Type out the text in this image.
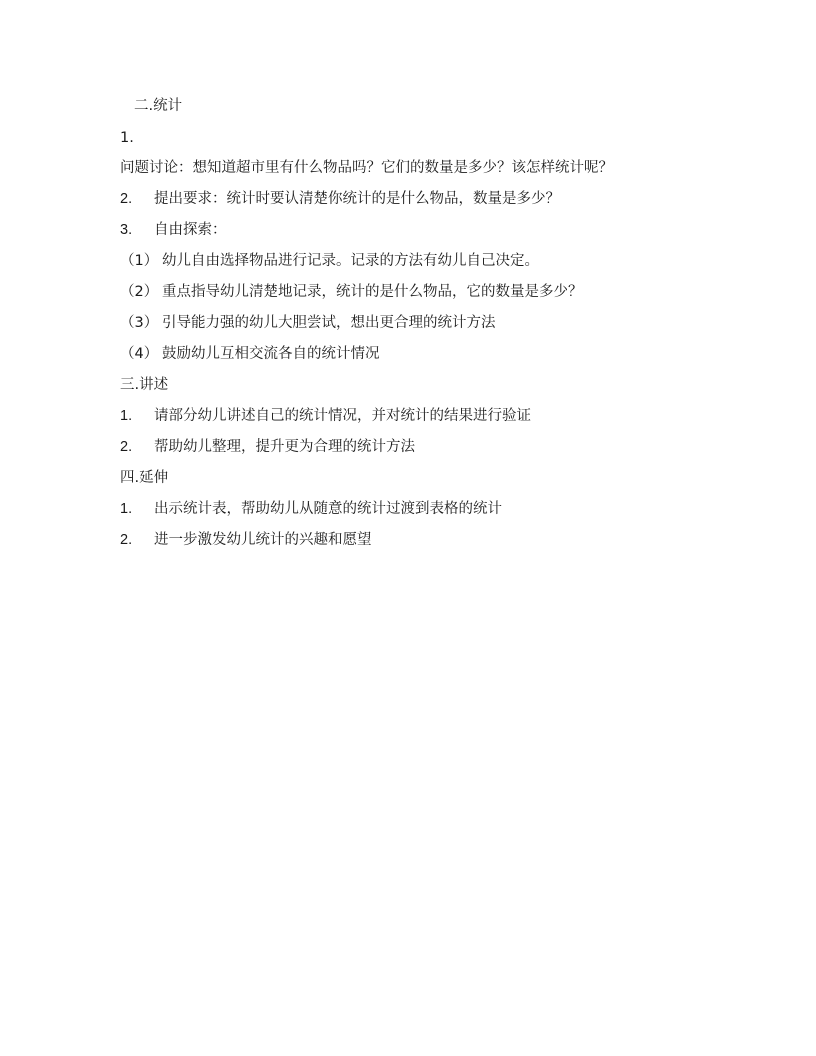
二.统计
1.
问题讨论：想知道超市里有什么物品吗？它们的数量是多少？该怎样统计呢？
2. 提出要求：统计时要认清楚你统计的是什么物品，数量是多少？
3. 自由探索：
（1） 幼儿自由选择物品进行记录。记录的方法有幼儿自己决定。
（2） 重点指导幼儿清楚地记录，统计的是什么物品，它的数量是多少？
（3） 引导能力强的幼儿大胆尝试，想出更合理的统计方法
（4） 鼓励幼儿互相交流各自的统计情况
三.讲述
1. 请部分幼儿讲述自己的统计情况，并对统计的结果进行验证
2. 帮助幼儿整理，提升更为合理的统计方法
四.延伸
1. 出示统计表，帮助幼儿从随意的统计过渡到表格的统计
2. 进一步激发幼儿统计的兴趣和愿望
